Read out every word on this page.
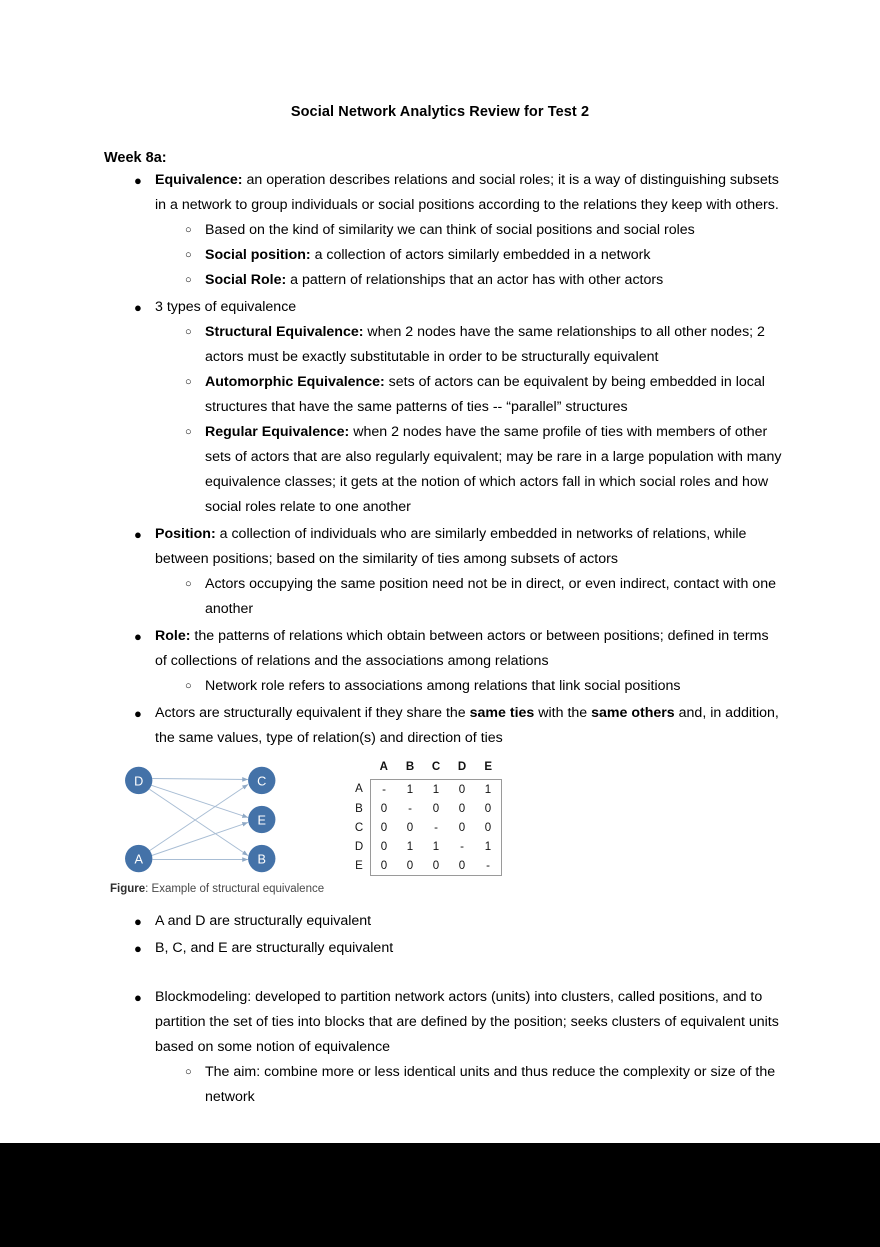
Social Network Analytics Review for Test 2
Week 8a:
● Equivalence: an operation describes relations and social roles; it is a way of distinguishing subsets in a network to group individuals or social positions according to the relations they keep with others.
○ Based on the kind of similarity we can think of social positions and social roles
○ Social position: a collection of actors similarly embedded in a network
○ Social Role: a pattern of relationships that an actor has with other actors
● 3 types of equivalence
○ Structural Equivalence: when 2 nodes have the same relationships to all other nodes; 2 actors must be exactly substitutable in order to be structurally equivalent
○ Automorphic Equivalence: sets of actors can be equivalent by being embedded in local structures that have the same patterns of ties -- “parallel” structures
○ Regular Equivalence: when 2 nodes have the same profile of ties with members of other sets of actors that are also regularly equivalent; may be rare in a large population with many equivalence classes; it gets at the notion of which actors fall in which social roles and how social roles relate to one another
● Position: a collection of individuals who are similarly embedded in networks of relations, while between positions; based on the similarity of ties among subsets of actors
○ Actors occupying the same position need not be in direct, or even indirect, contact with one another
● Role: the patterns of relations which obtain between actors or between positions; defined in terms of collections of relations and the associations among relations
○ Network role refers to associations among relations that link social positions
● Actors are structurally equivalent if they share the same ties with the same others and, in addition, the same values, type of relation(s) and direction of ties
D
A
C
E
B
	A	B	C	D	E
A	-	1	1	0	1
B	0	-	0	0	0
C	0	0	-	0	0
D	0	1	1	-	1
E	0	0	0	0	-
Figure: Example of structural equivalence
● A and D are structurally equivalent
● B, C, and E are structurally equivalent
● Blockmodeling: developed to partition network actors (units) into clusters, called positions, and to partition the set of ties into blocks that are defined by the position; seeks clusters of equivalent units based on some notion of equivalence
○ The aim: combine more or less identical units and thus reduce the complexity or size of the network
